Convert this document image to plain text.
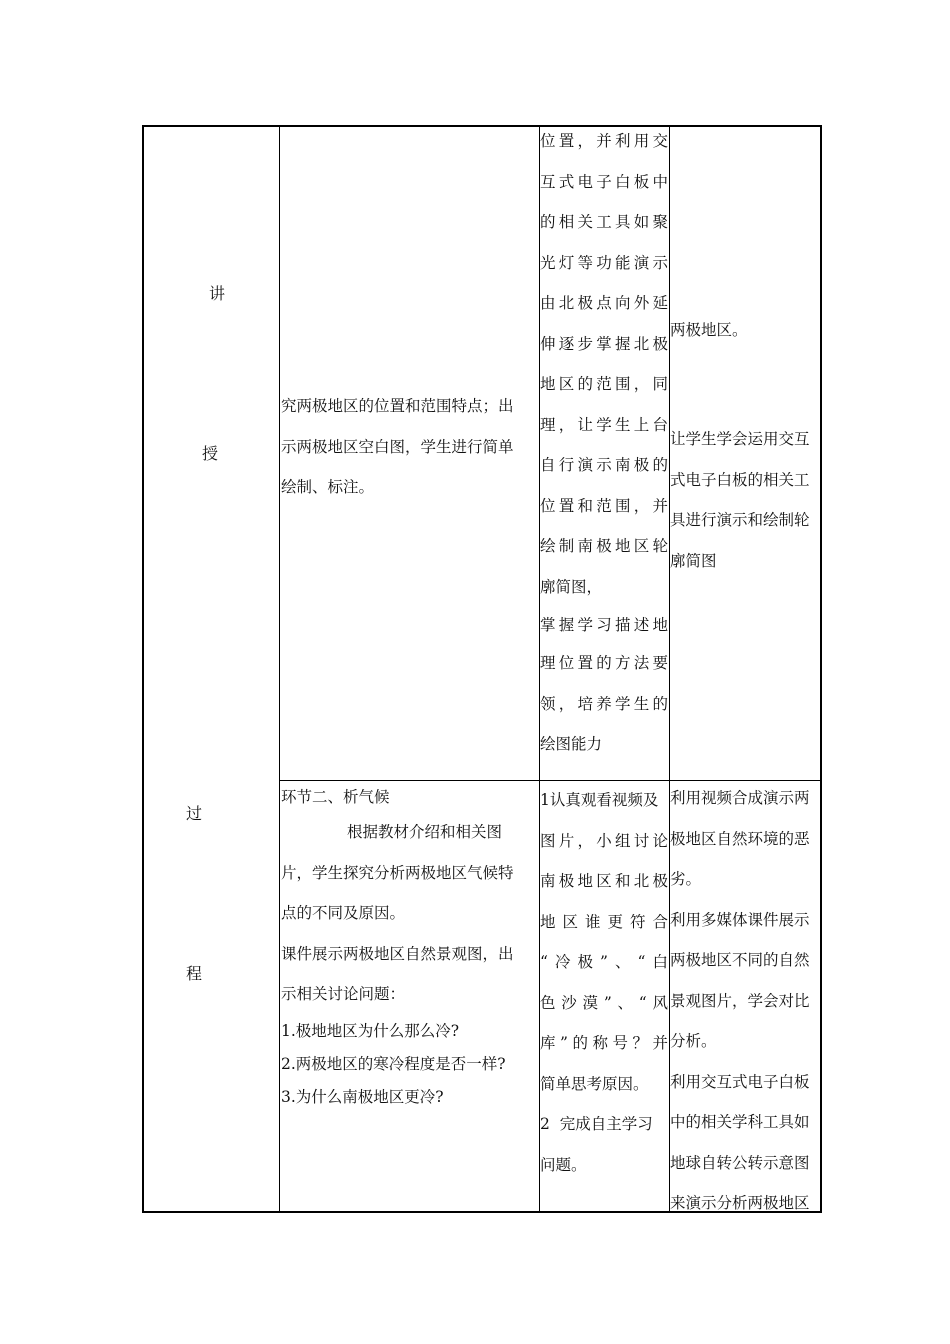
讲
授
过
程
究两极地区的位置和范围特点；出
示两极地区空白图，学生进行简单
绘制、标注。
位置，并利用交
互式电子白板中
的相关工具如聚
光灯等功能演示
由北极点向外延
伸逐步掌握北极
地区的范围，同
理，让学生上台
自行演示南极的
位置和范围，并
绘制南极地区轮
廓简图，
掌握学习描述地
理位置的方法要
领，培养学生的
绘图能力
两极地区。
让学生学会运用交互
式电子白板的相关工
具进行演示和绘制轮
廓简图
环节二、析气候
根据教材介绍和相关图
片，学生探究分析两极地区气候特
点的不同及原因。
课件展示两极地区自然景观图，出
示相关讨论问题：
1.极地地区为什么那么冷?
2.两极地区的寒冷程度是否一样?
3.为什么南极地区更冷?
1认真观看视频及
图片，小组讨论
南极地区和北极
地 区 谁 更 符 合
“冷极”、“白
色沙漠”、“风
库”的称号？并
简单思考原因。
2  完成自主学习
问题。
利用视频合成演示两
极地区自然环境的恶
劣。
利用多媒体课件展示
两极地区不同的自然
景观图片，学会对比
分析。
利用交互式电子白板
中的相关学科工具如
地球自转公转示意图
来演示分析两极地区
